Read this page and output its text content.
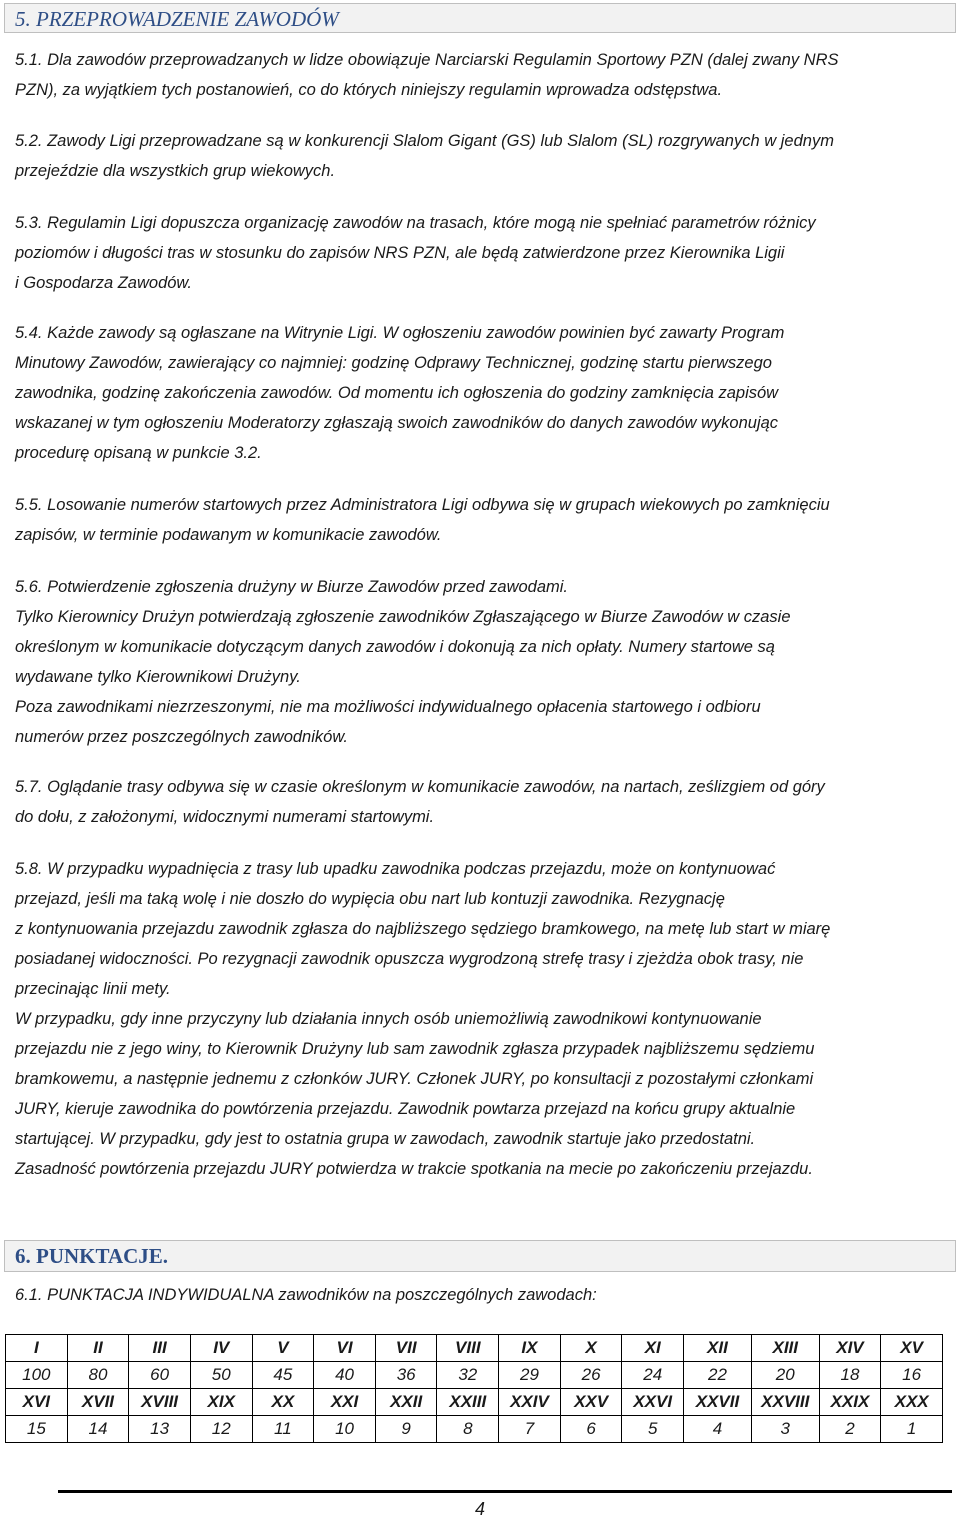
5. PRZEPROWADZENIE ZAWODÓW
5.1. Dla zawodów przeprowadzanych w lidze obowiązuje Narciarski Regulamin Sportowy PZN (dalej zwany NRS
PZN), za wyjątkiem tych postanowień, co do których niniejszy regulamin wprowadza odstępstwa.
5.2. Zawody Ligi przeprowadzane są w konkurencji Slalom Gigant (GS) lub Slalom (SL) rozgrywanych w jednym
przejeździe dla wszystkich grup wiekowych.
5.3. Regulamin Ligi dopuszcza organizację zawodów na trasach, które mogą nie spełniać parametrów różnicy
poziomów i długości tras w stosunku do zapisów NRS PZN, ale będą zatwierdzone przez Kierownika Ligii
i Gospodarza Zawodów.
5.4. Każde zawody są ogłaszane na Witrynie Ligi. W ogłoszeniu zawodów powinien być zawarty Program
Minutowy Zawodów, zawierający co najmniej: godzinę Odprawy Technicznej, godzinę startu pierwszego
zawodnika, godzinę zakończenia zawodów. Od momentu ich ogłoszenia do godziny zamknięcia zapisów
wskazanej w tym ogłoszeniu Moderatorzy zgłaszają swoich zawodników do danych zawodów wykonując
procedurę opisaną w punkcie 3.2.
5.5. Losowanie numerów startowych przez Administratora Ligi odbywa się w grupach wiekowych po zamknięciu
zapisów, w terminie podawanym w komunikacie zawodów.
5.6. Potwierdzenie zgłoszenia drużyny w Biurze Zawodów przed zawodami.
Tylko Kierownicy Drużyn potwierdzają zgłoszenie zawodników Zgłaszającego w Biurze Zawodów w czasie
określonym w komunikacie dotyczącym danych zawodów i dokonują za nich opłaty. Numery startowe są
wydawane tylko Kierownikowi Drużyny.
Poza zawodnikami niezrzeszonymi, nie ma możliwości indywidualnego opłacenia startowego i odbioru
numerów przez poszczególnych zawodników.
5.7. Oglądanie trasy odbywa się w czasie określonym w komunikacie zawodów, na nartach, ześlizgiem od góry
do dołu, z założonymi, widocznymi numerami startowymi.
5.8. W przypadku wypadnięcia z trasy lub upadku zawodnika podczas przejazdu, może on kontynuować
przejazd, jeśli ma taką wolę i nie doszło do wypięcia obu nart lub kontuzji zawodnika. Rezygnację
z kontynuowania przejazdu zawodnik zgłasza do najbliższego sędziego bramkowego, na metę lub start w miarę
posiadanej widoczności. Po rezygnacji zawodnik opuszcza wygrodzoną strefę trasy i zjeżdża obok trasy, nie
przecinając linii mety.
W przypadku, gdy inne przyczyny lub działania innych osób uniemożliwią zawodnikowi kontynuowanie
przejazdu nie z jego winy, to Kierownik Drużyny lub sam zawodnik zgłasza przypadek najbliższemu sędziemu
bramkowemu, a następnie jednemu z członków JURY. Członek JURY, po konsultacji z pozostałymi członkami
JURY, kieruje zawodnika do powtórzenia przejazdu. Zawodnik powtarza przejazd na końcu grupy aktualnie
startującej. W przypadku, gdy jest to ostatnia grupa w zawodach, zawodnik startuje jako przedostatni.
Zasadność powtórzenia przejazdu JURY potwierdza w trakcie spotkania na mecie po zakończeniu przejazdu.
6. PUNKTACJE.
6.1. PUNKTACJA INDYWIDUALNA zawodników na poszczególnych zawodach:
I	II	III	IV	V	VI	VII	VIII	IX	X	XI	XII	XIII	XIV	XV
100	80	60	50	45	40	36	32	29	26	24	22	20	18	16
XVI	XVII	XVIII	XIX	XX	XXI	XXII	XXIII	XXIV	XXV	XXVI	XXVII	XXVIII	XXIX	XXX
15	14	13	12	11	10	9	8	7	6	5	4	3	2	1
4
